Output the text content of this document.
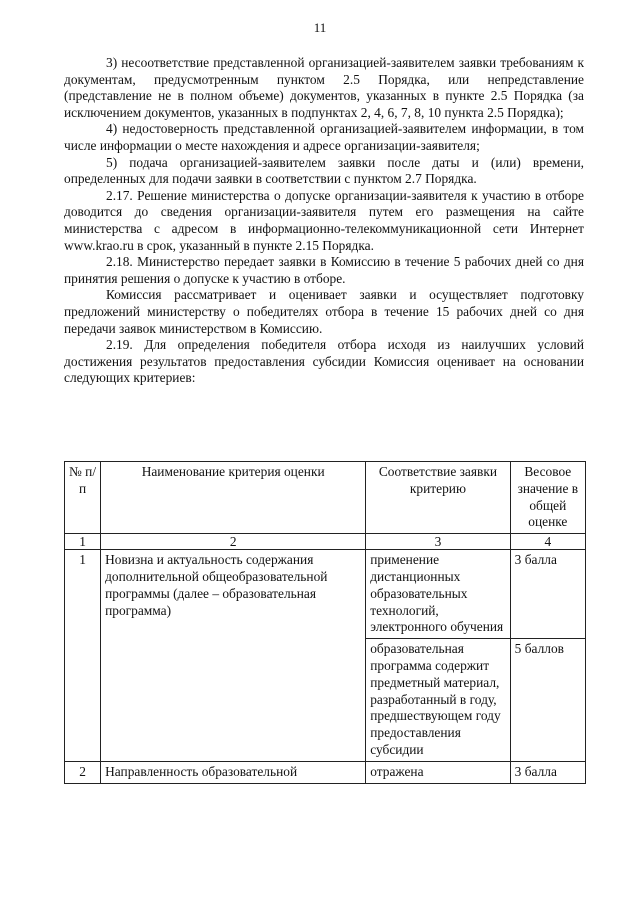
11

3) несоответствие представленной организацией-заявителем заявки требованиям к документам, предусмотренным пунктом 2.5 Порядка, или непредставление (представление не в полном объеме) документов, указанных в пункте 2.5 Порядка (за исключением документов, указанных в подпунктах 2, 4, 6, 7, 8, 10 пункта 2.5 Порядка);

4) недостоверность представленной организацией-заявителем информации, в том числе информации о месте нахождения и адресе организации-заявителя;

5) подача организацией-заявителем заявки после даты и (или) времени, определенных для подачи заявки в соответствии с пунктом 2.7 Порядка.

2.17. Решение министерства о допуске организации-заявителя к участию в отборе доводится до сведения организации-заявителя путем его размещения на сайте министерства с адресом в информационно-телекоммуникационной сети Интернет www.krao.ru в срок, указанный в пункте 2.15 Порядка.

2.18. Министерство передает заявки в Комиссию в течение 5 рабочих дней со дня принятия решения о допуске к участию в отборе.

Комиссия рассматривает и оценивает заявки и осуществляет подготовку предложений министерству о победителях отбора в течение 15 рабочих дней со дня передачи заявок министерством в Комиссию.

2.19. Для определения победителя отбора исходя из наилучших условий достижения результатов предоставления субсидии Комиссия оценивает на основании следующих критериев:

№ п/п	Наименование критерия оценки	Соответствие заявки критерию	Весовое значение в общей оценке
1	2	3	4
1	Новизна и актуальность содержания дополнительной общеобразовательной программы (далее – образовательная программа)	применение дистанционных образовательных технологий, электронного обучения	3 балла
		образовательная программа содержит предметный материал, разработанный в году, предшествующем году предоставления субсидии	5 баллов
2	Направленность образовательной	отражена	3 балла
